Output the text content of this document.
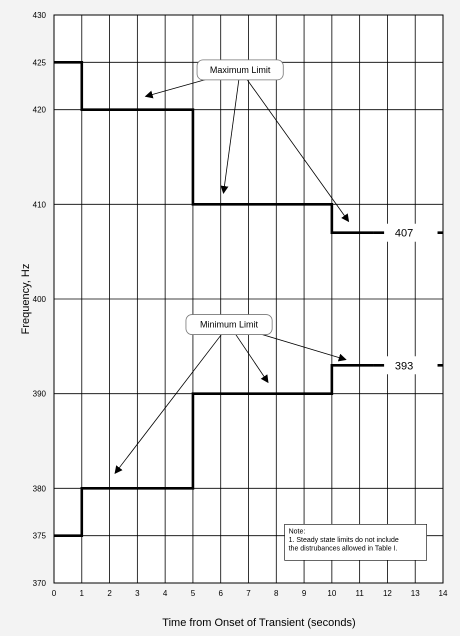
0	1	2	3	4	5	6	7	8	9	10 11 12 13 14
370
375
380
390
400
410
420
425
430
Maximum Limit
Minimum Limit
407
393
Note:
1. Steady state limits do not include
the distrubances allowed in Table I.
Time from Onset of Transient (seconds)
Frequency, Hz
